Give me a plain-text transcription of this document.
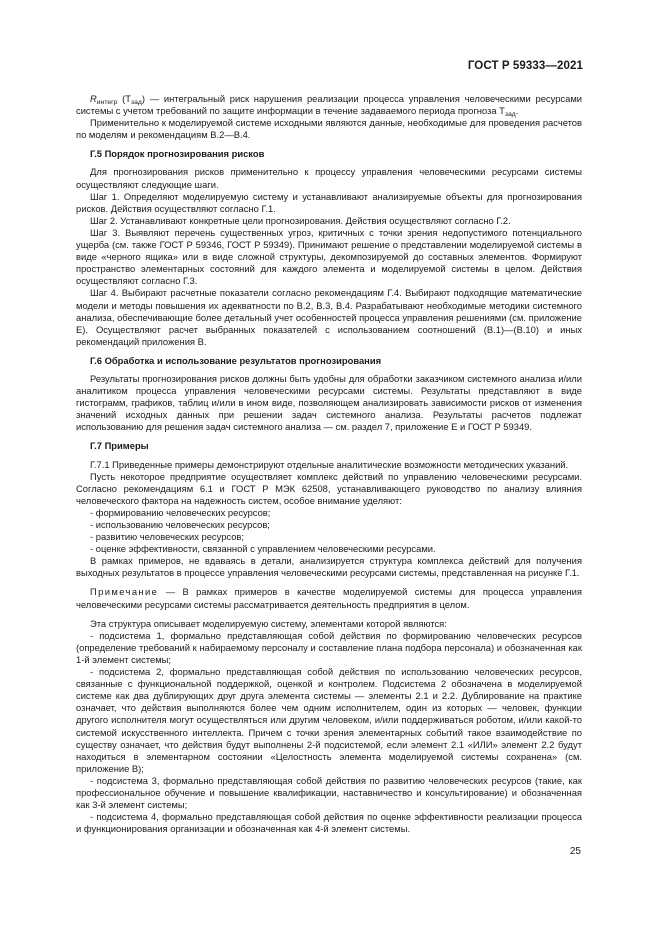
ГОСТ Р 59333—2021

$R_{интегр}$ $(T_{зад})$ — интегральный риск нарушения реализации процесса управления человеческими ресурсами системы с учетом требований по защите информации в течение задаваемого периода прогноза $T_{зад}$.

Применительно к моделируемой системе исходными являются данные, необходимые для проведения расчетов по моделям и рекомендациям В.2—В.4.

Г.5 Порядок прогнозирования рисков

Для прогнозирования рисков применительно к процессу управления человеческими ресурсами системы осуществляют следующие шаги.

Шаг 1. Определяют моделируемую систему и устанавливают анализируемые объекты для прогнозирования рисков. Действия осуществляют согласно Г.1.

Шаг 2. Устанавливают конкретные цели прогнозирования. Действия осуществляют согласно Г.2.

Шаг 3. Выявляют перечень существенных угроз, критичных с точки зрения недопустимого потенциального ущерба (см. также ГОСТ Р 59346, ГОСТ Р 59349). Принимают решение о представлении моделируемой системы в виде «черного ящика» или в виде сложной структуры, декомпозируемой до составных элементов. Формируют пространство элементарных состояний для каждого элемента и моделируемой системы в целом. Действия осуществляют согласно Г.3.

Шаг 4. Выбирают расчетные показатели согласно рекомендациям Г.4. Выбирают подходящие математические модели и методы повышения их адекватности по В.2, В.3, В.4. Разрабатывают необходимые методики системного анализа, обеспечивающие более детальный учет особенностей процесса управления решениями (см. приложение Е). Осуществляют расчет выбранных показателей с использованием соотношений (В.1)—(В.10) и иных рекомендаций приложения В.

Г.6 Обработка и использование результатов прогнозирования

Результаты прогнозирования рисков должны быть удобны для обработки заказчиком системного анализа и/или аналитиком процесса управления человеческими ресурсами системы. Результаты представляют в виде гистограмм, графиков, таблиц и/или в ином виде, позволяющем анализировать зависимости рисков от изменения значений исходных данных при решении задач системного анализа. Результаты расчетов подлежат использованию для решения задач системного анализа — см. раздел 7, приложение Е и ГОСТ Р 59349.

Г.7 Примеры

Г.7.1 Приведенные примеры демонстрируют отдельные аналитические возможности методических указаний.

Пусть некоторое предприятие осуществляет комплекс действий по управлению человеческими ресурсами. Согласно рекомендациям 6.1 и ГОСТ Р МЭК 62508, устанавливающего руководство по анализу влияния человеческого фактора на надежность систем, особое внимание уделяют:

- формированию человеческих ресурсов;

- использованию человеческих ресурсов;

- развитию человеческих ресурсов;

- оценке эффективности, связанной с управлением человеческими ресурсами.

В рамках примеров, не вдаваясь в детали, анализируется структура комплекса действий для получения выходных результатов в процессе управления человеческими ресурсами системы, представленная на рисунке Г.1.

Примечание — В рамках примеров в качестве моделируемой системы для процесса управления человеческими ресурсами системы рассматривается деятельность предприятия в целом.

Эта структура описывает моделируемую систему, элементами которой являются:

- подсистема 1, формально представляющая собой действия по формированию человеческих ресурсов (определение требований к набираемому персоналу и составление плана подбора персонала) и обозначенная как 1-й элемент системы;

- подсистема 2, формально представляющая собой действия по использованию человеческих ресурсов, связанные с функциональной поддержкой, оценкой и контролем. Подсистема 2 обозначена в моделируемой системе как два дублирующих друг друга элемента системы — элементы 2.1 и 2.2. Дублирование на практике означает, что действия выполняются более чем одним исполнителем, один из которых — человек, функции другого исполнителя могут осуществляться или другим человеком, и/или поддерживаться роботом, и/или какой-то системой искусственного интеллекта. Причем с точки зрения элементарных событий такое взаимодействие по существу означает, что действия будут выполнены 2-й подсистемой, если элемент 2.1 «ИЛИ» элемент 2.2 будут находиться в элементарном состоянии «Целостность элемента моделируемой системы сохранена» (см. приложение В);

- подсистема 3, формально представляющая собой действия по развитию человеческих ресурсов (такие, как профессиональное обучение и повышение квалификации, наставничество и консультирование) и обозначенная как 3-й элемент системы;

- подсистема 4, формально представляющая собой действия по оценке эффективности реализации процесса и функционирования организации и обозначенная как 4-й элемент системы.

25
